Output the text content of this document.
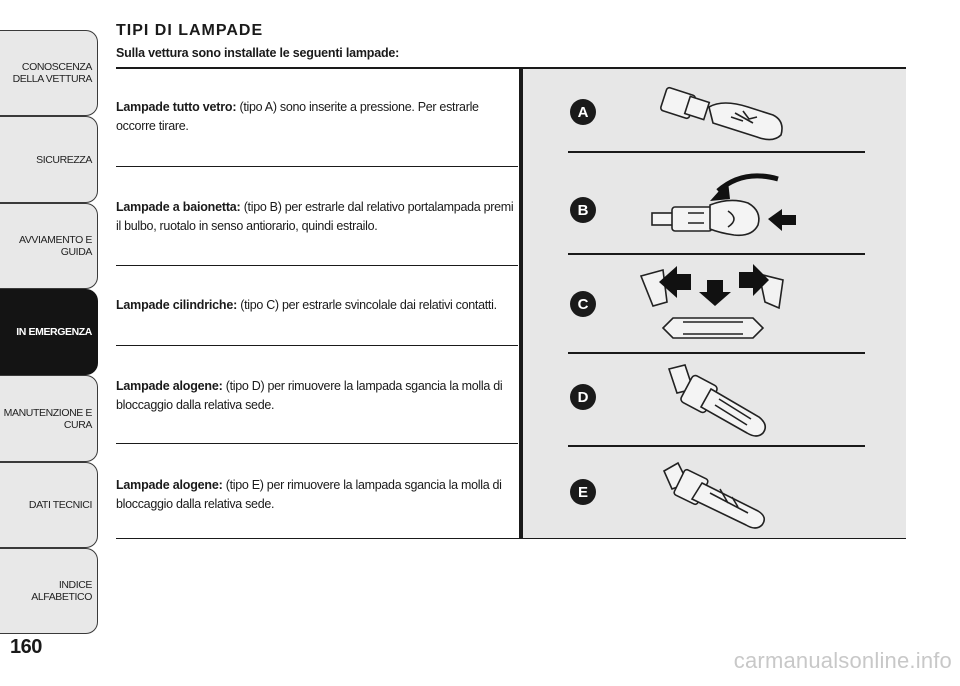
CONOSCENZA
DELLA VETTURA
SICUREZZA
AVVIAMENTO E
GUIDA
IN EMERGENZA
MANUTENZIONE E
CURA
DATI TECNICI
INDICE ALFABETICO
160
TIPI DI LAMPADE
Sulla vettura sono installate le seguenti lampade:
Lampade tutto vetro: (tipo A) sono inserite a pressione. Per estrarle occorre tirare.
Lampade a baionetta: (tipo B) per estrarle dal relativo portalampada premi il bulbo, ruotalo in senso antiorario, quindi estrailo.
Lampade cilindriche: (tipo C) per estrarle svincolale dai relativi contatti.
Lampade alogene: (tipo D) per rimuovere la lampada sgancia la molla di bloccaggio dalla relativa sede.
Lampade alogene: (tipo E) per rimuovere la lampada sgancia la molla di bloccaggio dalla relativa sede.
A
B
C
D
E
carmanualsonline.info
